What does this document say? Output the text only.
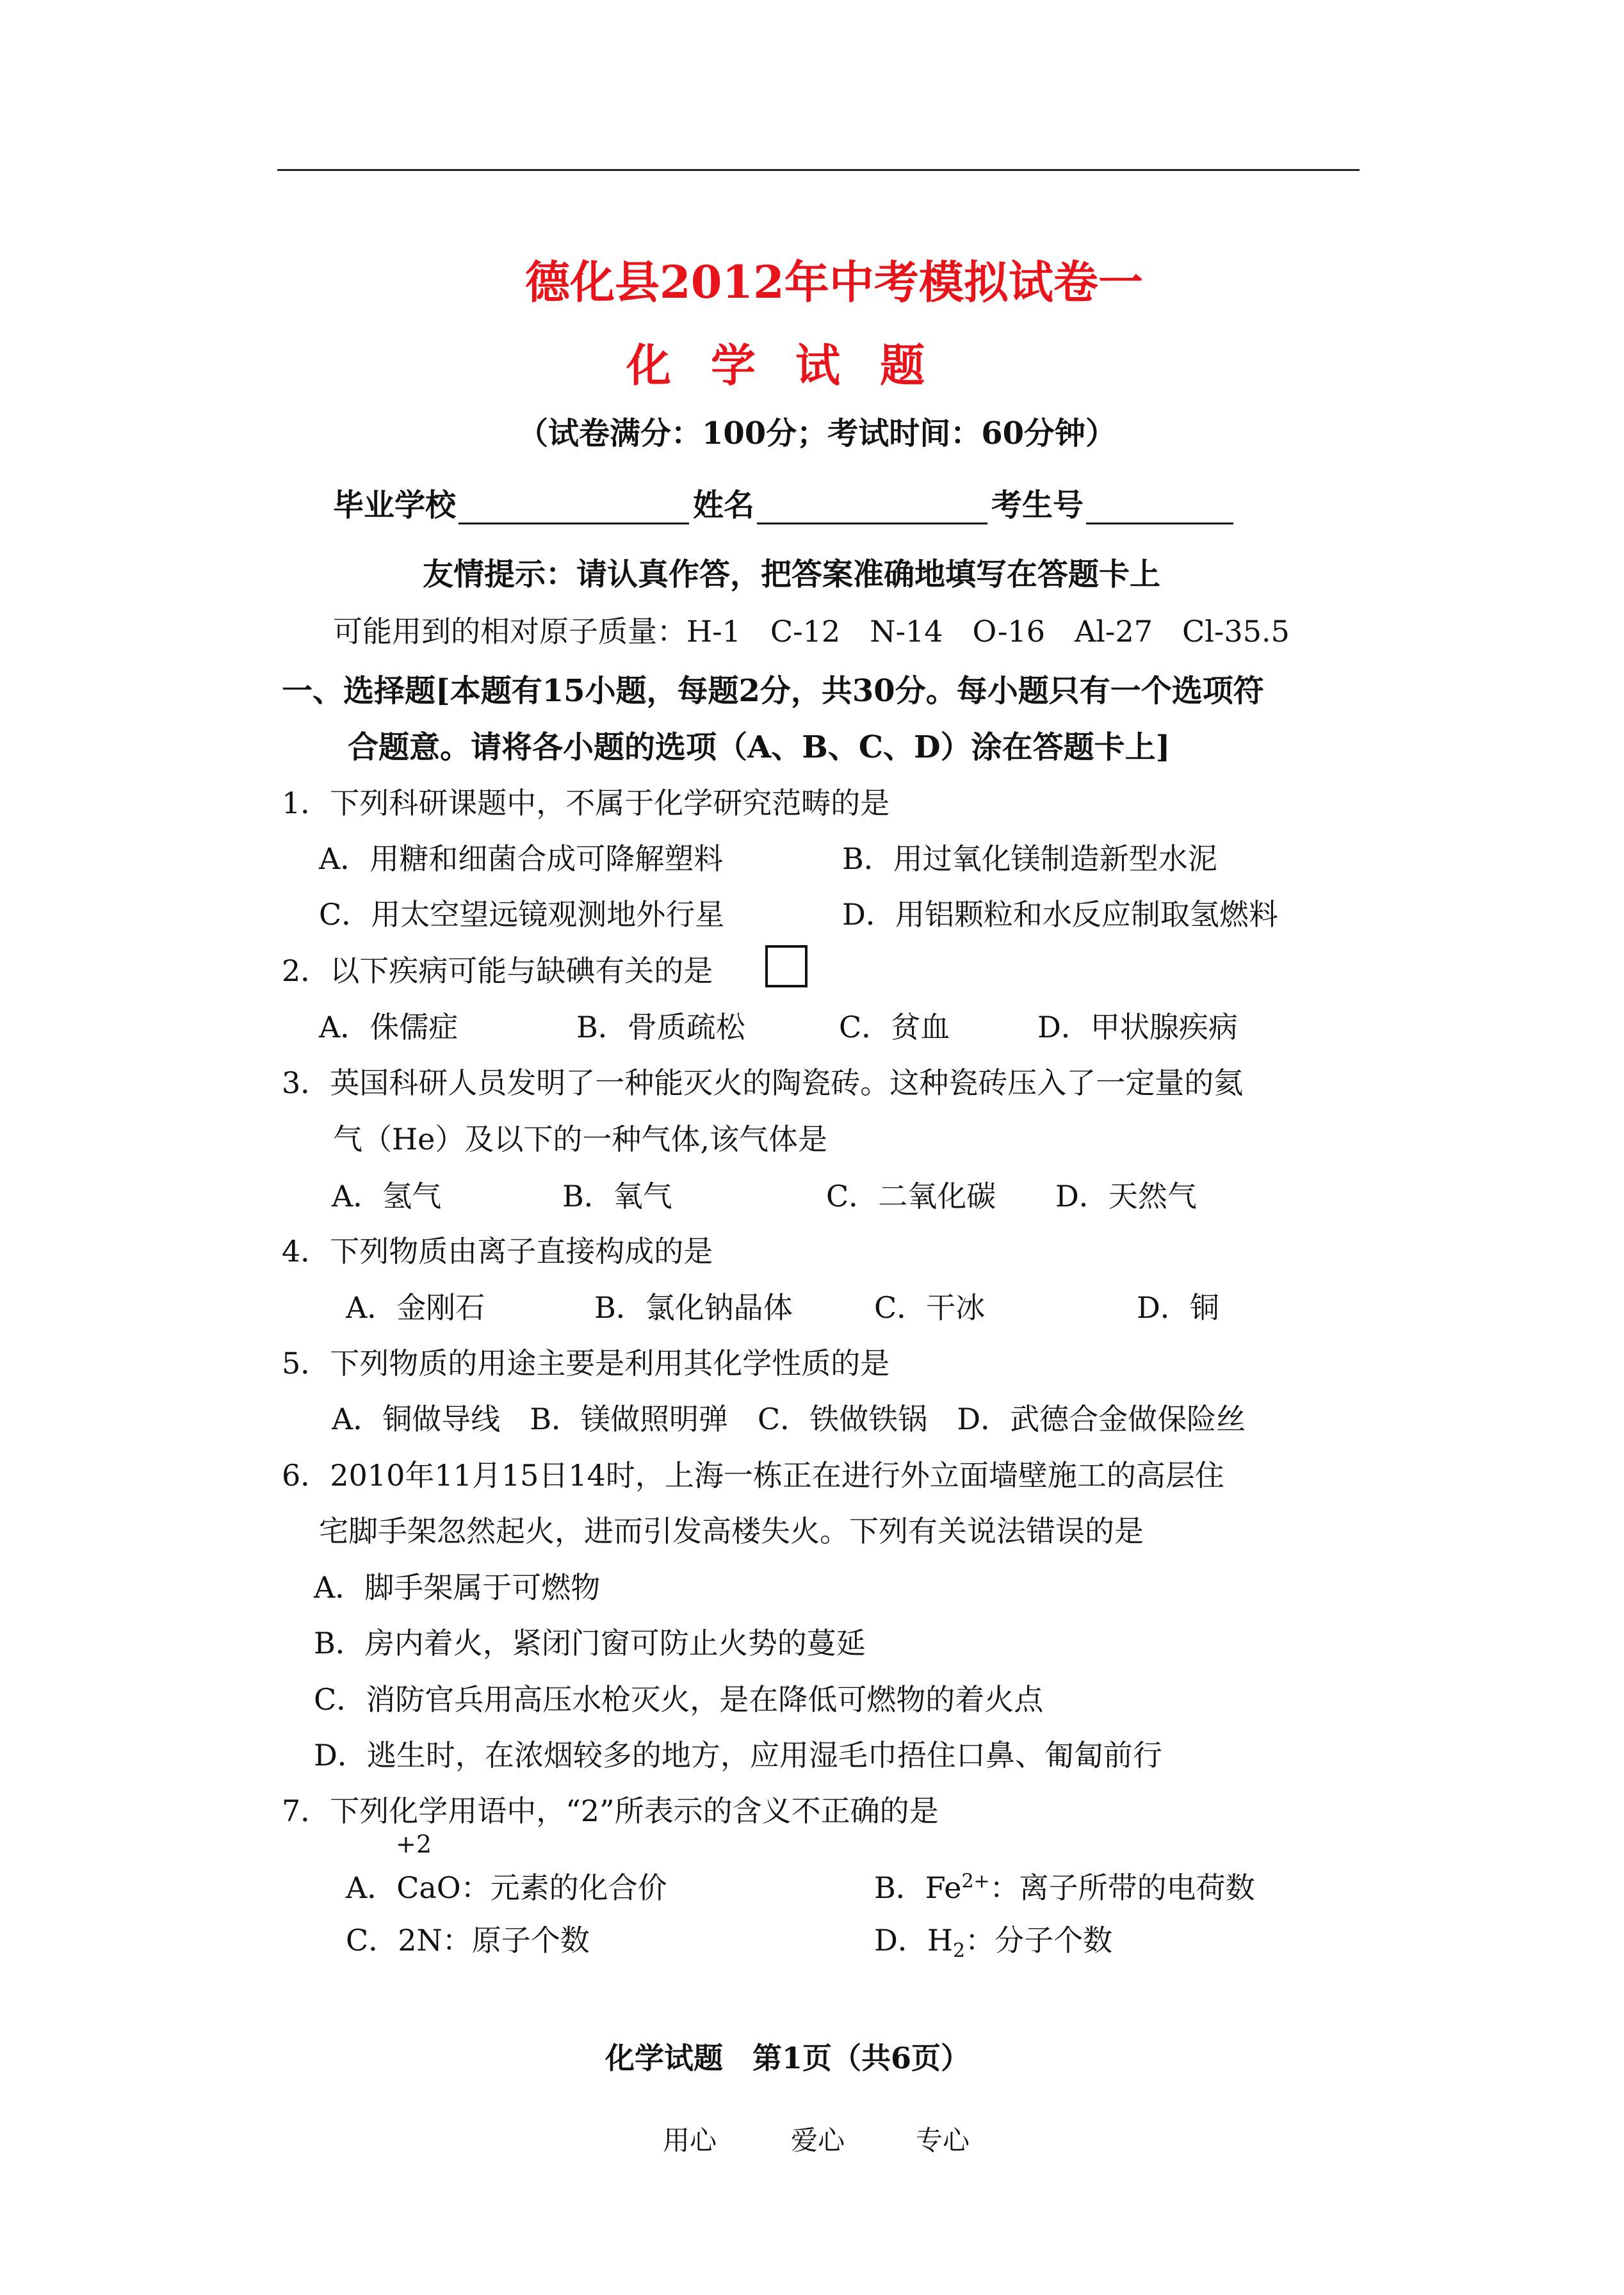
德化县2012年中考模拟试卷一
化学试题
（试卷满分：100分；考试时间：60分钟）
毕业学校	姓名	考生号
友情提示：请认真作答，把答案准确地填写在答题卡上
可能用到的相对原子质量：H-1　C-12　N-14　O-16　Al-27　Cl-35.5
一、选择题[本题有15小题，每题2分，共30分。每小题只有一个选项符
合题意。请将各小题的选项（A、B、C、D）涂在答题卡上]
1．下列科研课题中，不属于化学研究范畴的是
A．用糖和细菌合成可降解塑料	B．用过氧化镁制造新型水泥
C．用太空望远镜观测地外行星	D．用铝颗粒和水反应制取氢燃料
2．以下疾病可能与缺碘有关的是
A．侏儒症	B．骨质疏松	C．贫血	D．甲状腺疾病
3．英国科研人员发明了一种能灭火的陶瓷砖。这种瓷砖压入了一定量的氦
气（He）及以下的一种气体,该气体是
A．氢气	B．氧气	C．二氧化碳 D．天然气
4．下列物质由离子直接构成的是
A．金刚石	B．氯化钠晶体	C．干冰	D．铜
5．下列物质的用途主要是利用其化学性质的是
A．铜做导线　B．镁做照明弹　C．铁做铁锅　D．武德合金做保险丝
6．2010年11月15日14时，上海一栋正在进行外立面墙壁施工的高层住
宅脚手架忽然起火，进而引发高楼失火。下列有关说法错误的是
A．脚手架属于可燃物
B．房内着火，紧闭门窗可防止火势的蔓延
C．消防官兵用高压水枪灭火，是在降低可燃物的着火点
D．逃生时，在浓烟较多的地方，应用湿毛巾捂住口鼻、匍匐前行
7．下列化学用语中，“2”所表示的含义不正确的是
+2
A．CaO：元素的化合价	B．$Fe^{2+}$：离子所带的电荷数
C．2N：原子个数	D．$H_2$：分子个数
化学试题　第1页（共6页）
用心	爱心	专心
